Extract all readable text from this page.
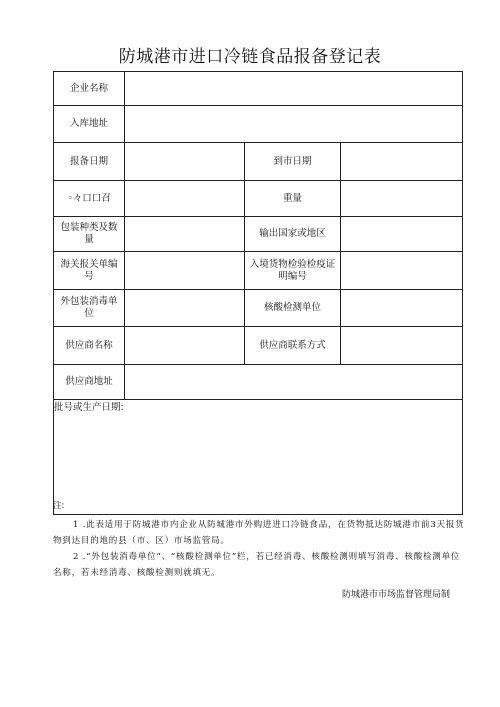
防城港市进口冷链食品报备登记表
企业名称			
入库地址			
报备日期		到市日期	
◦々口口召		重量	
包装种类及数量		输出国家或地区	
海关报关单编号		入境货物检验检疫证明编号	
外包装消毒单位		核酸检测单位	
供应商名称		供应商联系方式	
供应商地址			
批号或生产日期:			
注:

1 .此表适用于防城港市内企业从防城港市外购进进口冷链食品，在货物抵达防城港市前3天报货物到达目的地的县（市、区）市场监管局。

2 .“外包装消毒单位”、“核酸检测单位”栏，若已经消毒、核酸检测则填写消毒、核酸检测单位名称，若未经消毒、核酸检测则就填无。

防城港市市场监督管理局制
